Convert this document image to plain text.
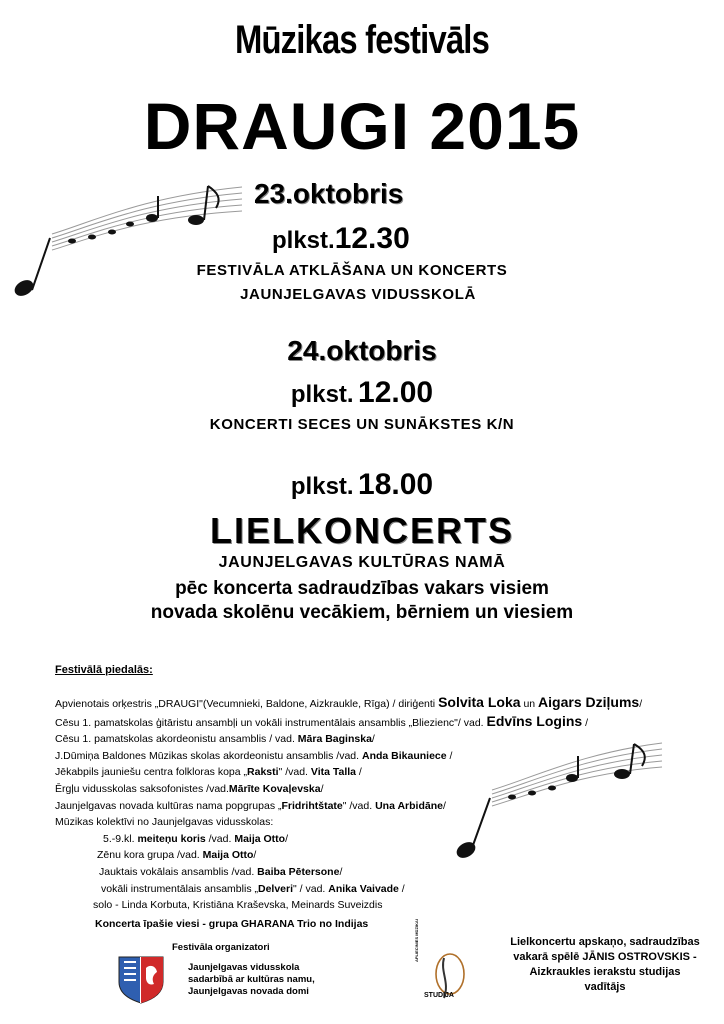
Mūzikas festivāls
DRAUGI 2015
23.oktobris
plkst.12.30
FESTIVĀLA ATKLĀŠANA UN KONCERTS
JAUNJELGAVAS VIDUSSKOLĀ
24.oktobris
plkst. 12.00
KONCERTI SECES UN SUNĀKSTES K/N
plkst. 18.00
LIELKONCERTS
JAUNJELGAVAS KULTŪRAS NAMĀ
pēc koncerta sadraudzības vakars visiem
novada skolēnu vecākiem, bērniem un viesiem
Festivālā piedalās:
Apvienotais orķestris „DRAUGI"(Vecumnieki, Baldone, Aizkraukle, Rīga) / diriģenti Solvita Loka un Aigars Dziļums/
Cēsu 1. pamatskolas ģitāristu ansambļi un vokāli instrumentālais ansamblis „Bliezienc"/ vad. Edvīns Logins /
Cēsu 1. pamatskolas akordeonistu ansamblis / vad. Māra Baginska/
J.Dūmiņa Baldones Mūzikas skolas akordeonistu ansamblis /vad. Anda Bikauniece /
Jēkabpils jauniešu centra folkloras kopa „Raksti" /vad. Vita Talla /
Ērgļu vidusskolas saksofonistes /vad.Mārīte Kovaļevska/
Jaunjelgavas novada kultūras nama popgrupas „Fridrihtštate" /vad. Una Arbidāne/
Mūzikas kolektīvi no Jaunjelgavas vidusskolas:
5.-9.kl. meiteņu koris /vad. Maija Otto/
Zēnu kora grupa /vad. Maija Otto/
Jauktais vokālais ansamblis /vad. Baiba Pētersone/
vokāli instrumentālais ansamblis „Delveri" / vad. Anika Vaivade /
solo - Linda Korbuta, Kristiāna Kraševska, Meinards Suveizdis
Koncerta īpašie viesi - grupa GHARANA Trio no Indijas
Festivāla organizatori
Jaunjelgavas vidusskola
sadarbībā ar kultūras namu,
Jaunjelgavas novada domi
APLIECINIES MŪZIKAI
STUDIJA
Lielkoncertu apskaņo, sadraudzības
vakarā spēlē JĀNIS OSTROVSKIS -
Aizkraukles ierakstu studijas
vadītājs
